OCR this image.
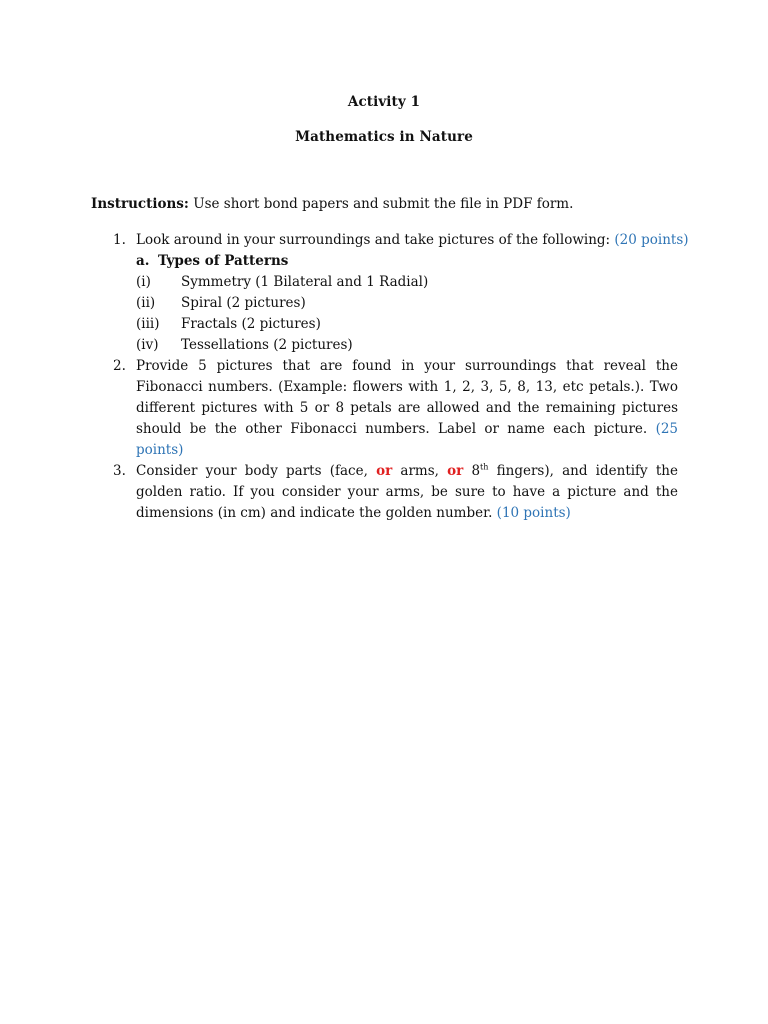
Activity 1
Mathematics in Nature
Instructions: Use short bond papers and submit the file in PDF form.
1. Look around in your surroundings and take pictures of the following: (20 points)
a. Types of Patterns
(i) Symmetry (1 Bilateral and 1 Radial)
(ii) Spiral (2 pictures)
(iii) Fractals (2 pictures)
(iv) Tessellations (2 pictures)
2. Provide 5 pictures that are found in your surroundings that reveal the Fibonacci numbers. (Example: flowers with 1, 2, 3, 5, 8, 13, etc petals.). Two different pictures with 5 or 8 petals are allowed and the remaining pictures should be the other Fibonacci numbers. Label or name each picture. (25 points)
3. Consider your body parts (face, or arms, or 8th fingers), and identify the golden ratio. If you consider your arms, be sure to have a picture and the dimensions (in cm) and indicate the golden number. (10 points)
